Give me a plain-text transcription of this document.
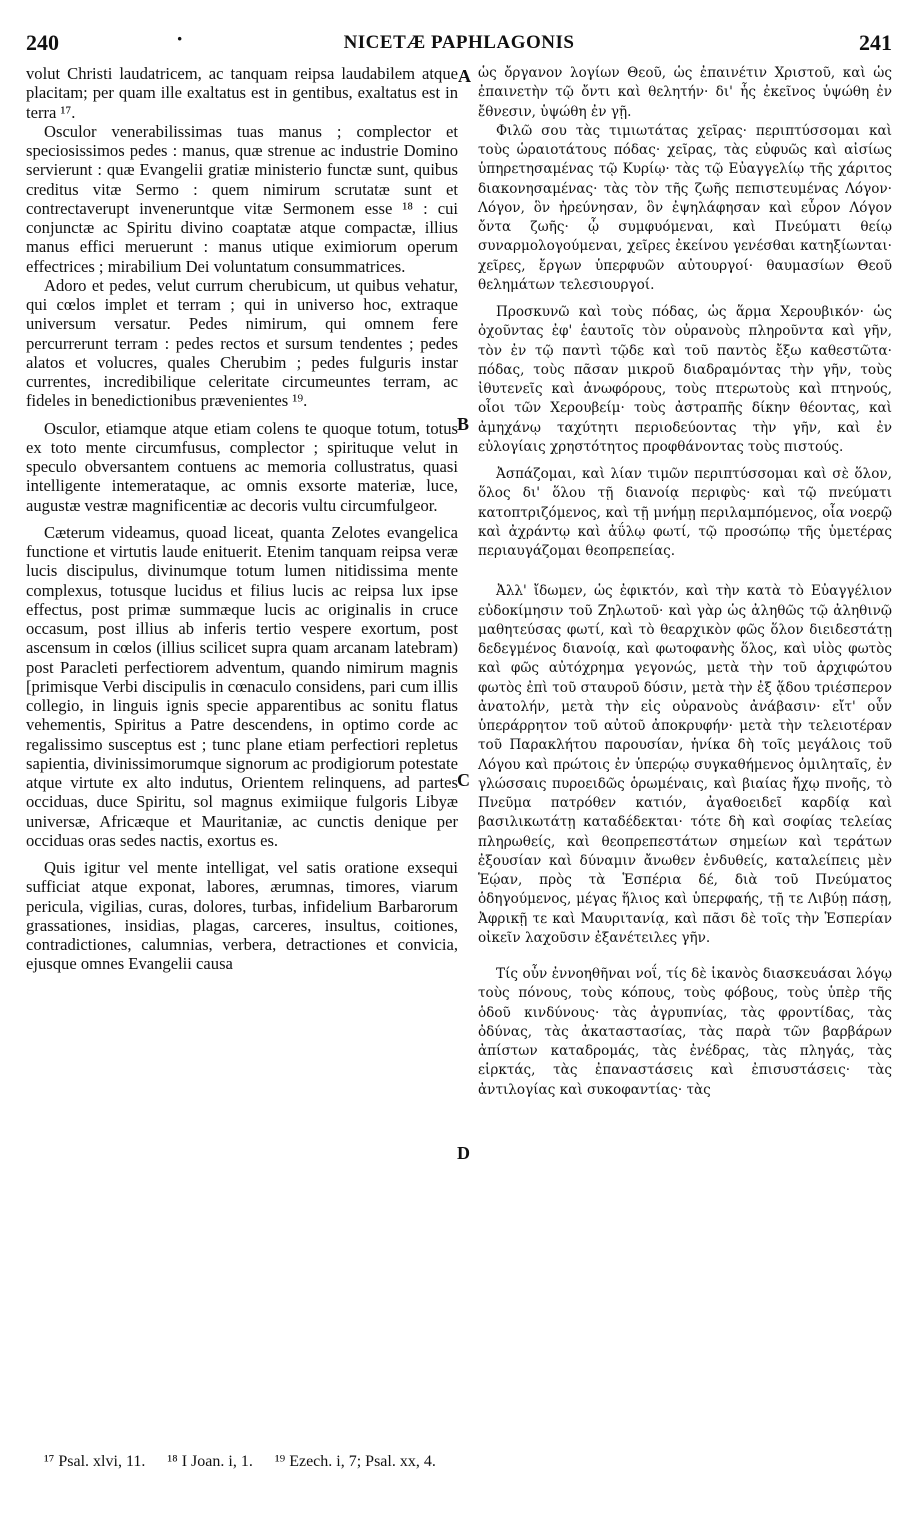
240	·	NICETÆ PAPHLAGONIS	241

volut Christi laudatricem, ac tanquam reipsa laudabilem atque placitam; per quam ille exaltatus est in gentibus, exaltatus est in terra ¹⁷.

Osculor venerabilissimas tuas manus ; complector et speciosissimos pedes : manus, quæ strenue ac industrie Domino servierunt : quæ Evangelii gratiæ ministerio functæ sunt, quibus creditus vitæ Sermo : quem nimirum scrutatæ sunt et contrectaverupt inveneruntque vitæ Sermonem esse ¹⁸ : cui conjunctæ ac Spiritu divino coaptatæ atque compactæ, illius manus effici meruerunt : manus utique eximiorum operum effectrices ; mirabilium Dei voluntatum consummatrices.

Adoro et pedes, velut currum cherubicum, ut quibus vehatur, qui cœlos implet et terram ; qui in universo hoc, extraque universum versatur. Pedes nimirum, qui omnem fere percurrerunt terram : pedes rectos et sursum tendentes ; pedes alatos et volucres, quales Cherubim ; pedes fulguris instar currentes, incredibilique celeritate circumeuntes terram, ac fideles in benedictionibus prævenientes ¹⁹.

Osculor, etiamque atque etiam colens te quoque totum, totus ex toto mente circumfusus, complector ; spirituque velut in speculo obversantem contuens ac memoria collustratus, quasi intelligente intemerataque, ac omnis exsorte materiæ, luce, augustæ vestræ magnificentiæ ac decoris vultu circumfulgeor.

Cæterum videamus, quoad liceat, quanta Zelotes evangelica functione et virtutis laude enituerit. Etenim tanquam reipsa veræ lucis discipulus, divinumque totum lumen nitidissima mente complexus, totusque lucidus et filius lucis ac reipsa lux ipse effectus, post primæ summæque lucis ac originalis in cruce occasum, post illius ab inferis tertio vespere exortum, post ascensum in cœlos (illius scilicet supra quam arcanam latebram) post Paracleti perfectiorem adventum, quando nimirum magnis [primisque Verbi discipulis in cœnaculo considens, pari cum illis collegio, in linguis ignis specie apparentibus ac sonitu flatus vehementis, Spiritus a Patre descendens, in optimo corde ac regalissimo susceptus est ; tunc plane etiam perfectiori repletus sapientia, divinissimorumque signorum ac prodigiorum potestate atque virtute ex alto indutus, Orientem relinquens, ad partes occiduas, duce Spiritu, sol magnus eximiique fulgoris Libyæ universæ, Africæque et Mauritaniæ, ac cunctis denique per occiduas oras sedes nactis, exortus es.

Quis igitur vel mente intelligat, vel satis oratione exsequi sufficiat atque exponat, labores, ærumnas, timores, viarum pericula, vigilias, curas, dolores, turbas, infidelium Barbarorum grassationes, insidias, plagas, carceres, insultus, coitiones, contradictiones, calumnias, verbera, detractiones et convicia, ejusque omnes Evangelii causa

A
B
C
D

ὡς ὄργανον λογίων Θεοῦ, ὡς ἐπαινέτιν Χριστοῦ, καὶ ὡς ἐπαινετὴν τῷ ὄντι καὶ θελητήν· δι' ἧς ἐκεῖνος ὑψώθη ἐν ἔθνεσιν, ὑψώθη ἐν γῇ.

Φιλῶ σου τὰς τιμιωτάτας χεῖρας· περιπτύσσομαι καὶ τοὺς ὡραιοτάτους πόδας· χεῖρας, τὰς εὐφυῶς καὶ αἰσίως ὑπηρετησαμένας τῷ Κυρίῳ· τὰς τῷ Εὐαγγελίῳ τῆς χάριτος διακονησαμένας· τὰς τὸν τῆς ζωῆς πεπιστευμένας Λόγον· Λόγον, ὃν ἠρεύνησαν, ὃν ἐψηλάφησαν καὶ εὗρον Λόγον ὄντα ζωῆς· ᾧ συμφυόμεναι, καὶ Πνεύματι θείῳ συναρμολογούμεναι, χεῖρες ἐκείνου γενέσθαι κατηξίωνται· χεῖρες, ἔργων ὑπερφυῶν αὐτουργοί· θαυμασίων Θεοῦ θελημάτων τελεσιουργοί.

Προσκυνῶ καὶ τοὺς πόδας, ὡς ἅρμα Χερουβικόν· ὡς ὀχοῦντας ἐφ' ἑαυτοῖς τὸν οὐρανοὺς πληροῦντα καὶ γῆν, τὸν ἐν τῷ παντὶ τῷδε καὶ τοῦ παντὸς ἔξω καθεστῶτα· πόδας, τοὺς πᾶσαν μικροῦ διαδραμόντας τὴν γῆν, τοὺς ἰθυτενεῖς καὶ ἀνωφόρους, τοὺς πτερωτοὺς καὶ πτηνούς, οἷοι τῶν Χερουβείμ· τοὺς ἀστραπῆς δίκην θέοντας, καὶ ἀμηχάνῳ ταχύτητι περιοδεύοντας τὴν γῆν, καὶ ἐν εὐλογίαις χρηστότητος προφθάνοντας τοὺς πιστούς.

Ἀσπάζομαι, καὶ λίαν τιμῶν περιπτύσσομαι καὶ σὲ ὅλον, ὅλος δι' ὅλου τῇ διανοίᾳ περιφὺς· καὶ τῷ πνεύματι κατοπτριζόμενος, καὶ τῇ μνήμῃ περιλαμπόμενος, οἷα νοερῷ καὶ ἀχράντῳ καὶ ἀΰλῳ φωτί, τῷ προσώπῳ τῆς ὑμετέρας περιαυγάζομαι θεοπρεπείας.

Ἀλλ' ἴδωμεν, ὡς ἐφικτόν, καὶ τὴν κατὰ τὸ Εὐαγγέλιον εὐδοκίμησιν τοῦ Ζηλωτοῦ· καὶ γὰρ ὡς ἀληθῶς τῷ ἀληθινῷ μαθητεύσας φωτί, καὶ τὸ θεαρχικὸν φῶς ὅλον διειδεστάτῃ δεδεγμένος διανοίᾳ, καὶ φωτοφανὴς ὅλος, καὶ υἱὸς φωτὸς καὶ φῶς αὐτόχρημα γεγονώς, μετὰ τὴν τοῦ ἀρχιφώτου φωτὸς ἐπὶ τοῦ σταυροῦ δύσιν, μετὰ τὴν ἐξ ᾅδου τριέσπερον ἀνατολήν, μετὰ τὴν εἰς οὐρανοὺς ἀνάβασιν· εἴτ' οὖν ὑπεράρρητον τοῦ αὐτοῦ ἀποκρυφήν· μετὰ τὴν τελειοτέραν τοῦ Παρακλήτου παρουσίαν, ἡνίκα δὴ τοῖς μεγάλοις τοῦ Λόγου καὶ πρώτοις ἐν ὑπερῴῳ συγκαθήμενος ὁμιληταῖς, ἐν γλώσσαις πυροειδῶς ὁρωμέναις, καὶ βιαίας ἤχῳ πνοῆς, τὸ Πνεῦμα πατρόθεν κατιόν, ἀγαθοειδεῖ καρδίᾳ καὶ βασιλικωτάτῃ καταδέδεκται· τότε δὴ καὶ σοφίας τελείας πληρωθείς, καὶ θεοπρεπεστάτων σημείων καὶ τεράτων ἐξουσίαν καὶ δύναμιν ἄνωθεν ἐνδυθείς, καταλείπεις μὲν Ἑῴαν, πρὸς τὰ Ἑσπέρια δέ, διὰ τοῦ Πνεύματος ὁδηγούμενος, μέγας ἥλιος καὶ ὑπερφαής, τῇ τε Λιβύῃ πάσῃ, Ἀφρικῇ τε καὶ Μαυριτανίᾳ, καὶ πᾶσι δὲ τοῖς τὴν Ἑσπερίαν οἰκεῖν λαχοῦσιν ἐξανέτειλες γῆν.

Τίς οὖν ἐννοηθῆναι νοΐ, τίς δὲ ἱκανὸς διασκευάσαι λόγῳ τοὺς πόνους, τοὺς κόπους, τοὺς φόβους, τοὺς ὑπὲρ τῆς ὁδοῦ κινδύνους· τὰς ἀγρυπνίας, τὰς φροντίδας, τὰς ὀδύνας, τὰς ἀκαταστασίας, τὰς παρὰ τῶν βαρβάρων ἀπίστων καταδρομάς, τὰς ἐνέδρας, τὰς πληγάς, τὰς εἱρκτάς, τὰς ἐπαναστάσεις καὶ ἐπισυστάσεις· τὰς ἀντιλογίας καὶ συκοφαντίας· τὰς

¹⁷ Psal. xlvi, 11. ¹⁸ I Joan. i, 1. ¹⁹ Ezech. i, 7; Psal. xx, 4.
